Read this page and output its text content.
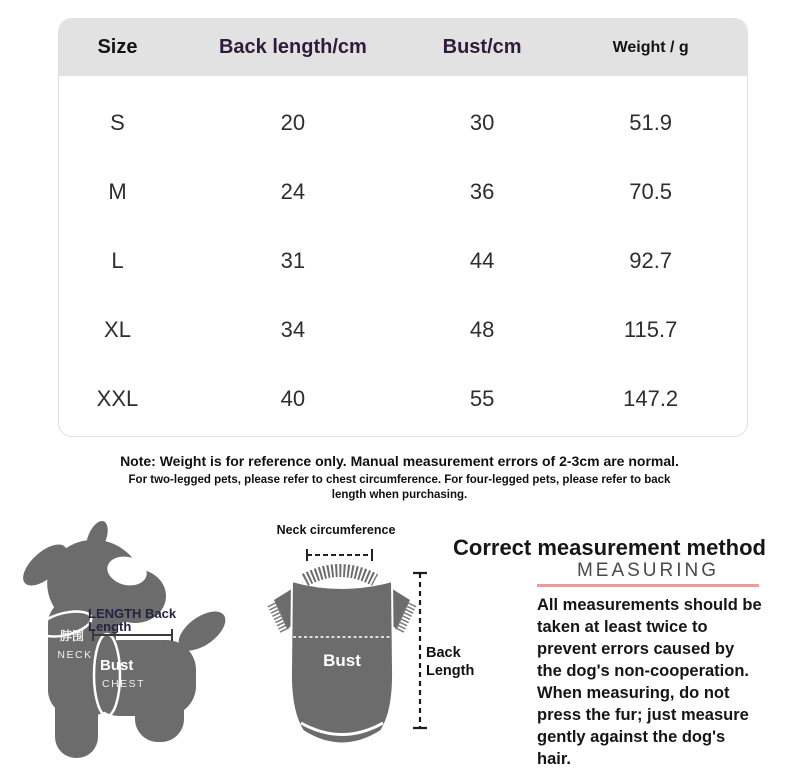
Size	Back length/cm	Bust/cm	Weight / g
S	20	30	51.9
M	24	36	70.5
L	31	44	92.7
XL	34	48	115.7
XXL	40	55	147.2
Note: Weight is for reference only. Manual measurement errors of 2-3cm are normal.
For two-legged pets, please refer to chest circumference. For four-legged pets, please refer to back length when purchasing.
LENGTH Back
Length
脖围
NECK
Bust
CHEST
Neck circumference
Bust	Back
Length
Correct measurement method
MEASURING
All measurements should be taken at least twice to prevent errors caused by the dog's non-cooperation. When measuring, do not press the fur; just measure gently against the dog's hair.
